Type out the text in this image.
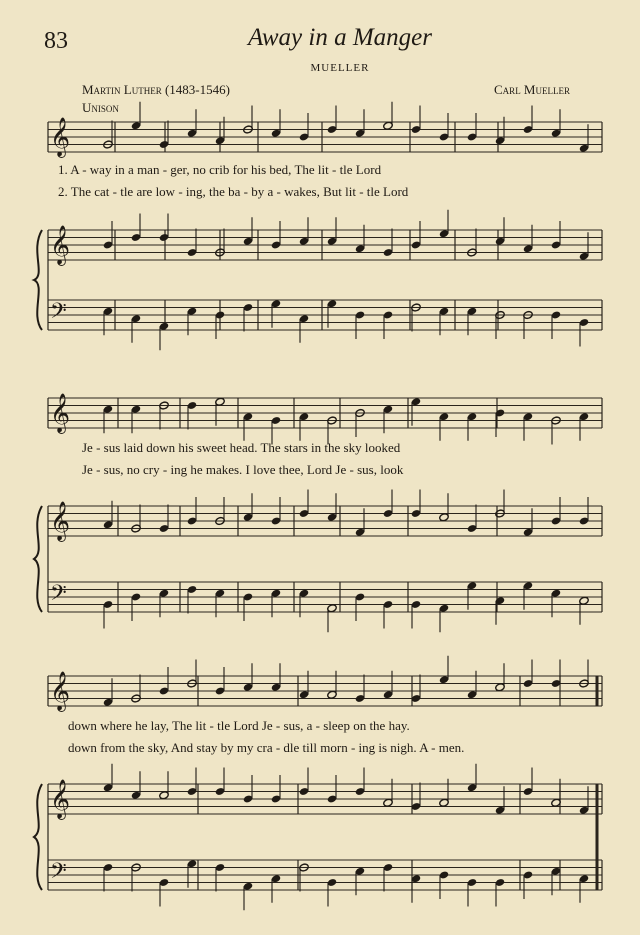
83	Away in a Manger
MUELLER
Martin Luther (1483-1546)	Carl Mueller
Unison
𝄞
𝄞
𝄢
𝄞
𝄞
𝄢
𝄞
𝄞
𝄢
1. A - way in a man - ger, no crib for his bed, The lit - tle Lord
2. The cat - tle are low - ing, the ba - by a - wakes, But lit - tle Lord
Je - sus laid down his sweet head. The stars in the sky looked
Je - sus, no cry - ing he makes. I love thee, Lord Je - sus, look
down where he lay, The lit - tle Lord Je - sus, a - sleep on the hay.
down from the sky, And stay by my cra - dle till morn - ing is nigh. A - men.
